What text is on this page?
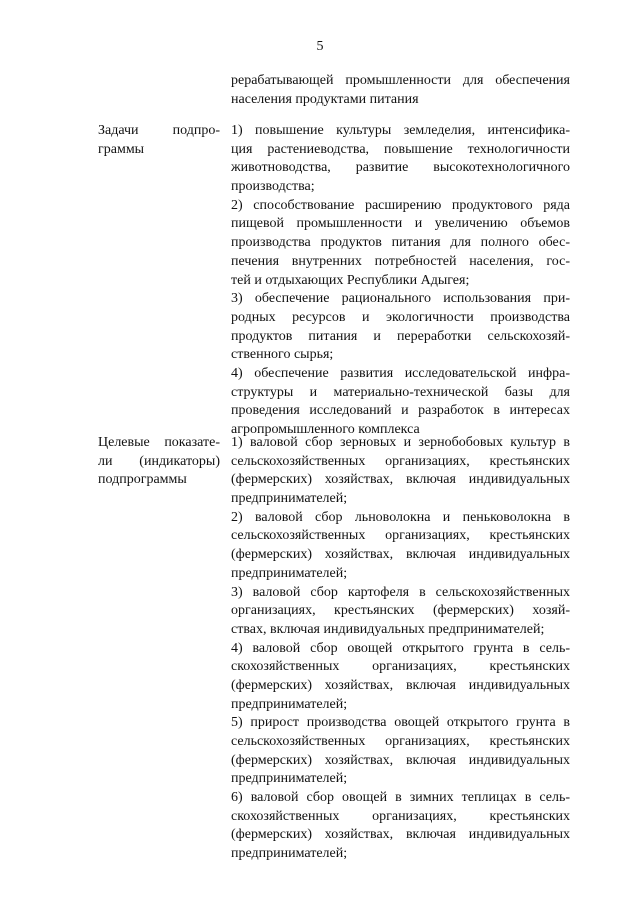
5
рерабатывающей промышленности для обеспечения
населения продуктами питания
Задачи подпро-
граммы
1) повышение культуры земледелия, интенсифика-
ция растениеводства, повышение технологичности
животноводства, развитие высокотехнологичного
производства;
2) способствование расширению продуктового ряда
пищевой промышленности и увеличению объемов
производства продуктов питания для полного обес-
печения внутренних потребностей населения, гос-
тей и отдыхающих Республики Адыгея;
3) обеспечение рационального использования при-
родных ресурсов и экологичности производства
продуктов питания и переработки сельскохозяй-
ственного сырья;
4) обеспечение развития исследовательской инфра-
структуры и материально-технической базы для
проведения исследований и разработок в интересах
агропромышленного комплекса
Целевые показате-
ли (индикаторы)
подпрограммы
1) валовой сбор зерновых и зернобобовых культур в
сельскохозяйственных организациях, крестьянских
(фермерских) хозяйствах, включая индивидуальных
предпринимателей;
2) валовой сбор льноволокна и пеньковолокна в
сельскохозяйственных организациях, крестьянских
(фермерских) хозяйствах, включая индивидуальных
предпринимателей;
3) валовой сбор картофеля в сельскохозяйственных
организациях, крестьянских (фермерских) хозяй-
ствах, включая индивидуальных предпринимателей;
4) валовой сбор овощей открытого грунта в сель-
скохозяйственных организациях, крестьянских
(фермерских) хозяйствах, включая индивидуальных
предпринимателей;
5) прирост производства овощей открытого грунта в
сельскохозяйственных организациях, крестьянских
(фермерских) хозяйствах, включая индивидуальных
предпринимателей;
6) валовой сбор овощей в зимних теплицах в сель-
скохозяйственных организациях, крестьянских
(фермерских) хозяйствах, включая индивидуальных
предпринимателей;
